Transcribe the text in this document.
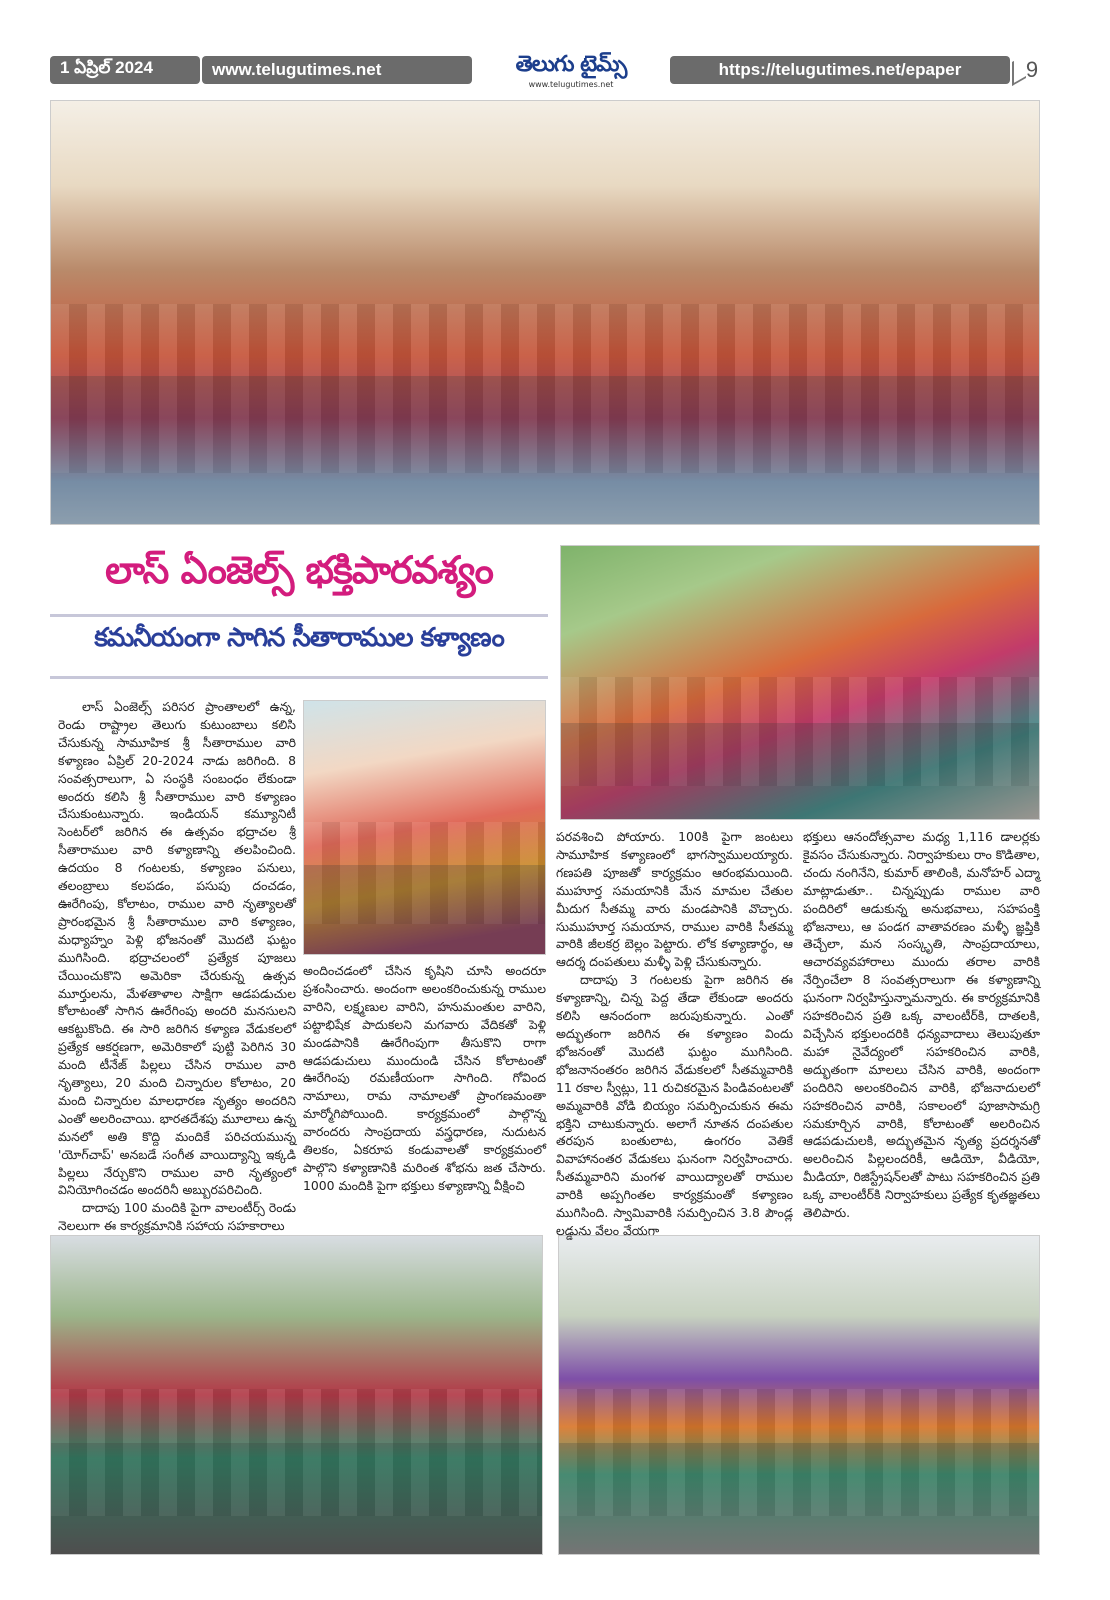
1 ఏప్రిల్ 2024	www.telugutimes.net	తెలుగు టైమ్స్
www.telugutimes.net
https://telugutimes.net/epaper	9
లాస్ ఏంజెల్స్ భక్తిపారవశ్యం
కమనీయంగా సాగిన సీతారాముల కళ్యాణం

లాస్ ఏంజెల్స్ పరిసర ప్రాంతాలలో ఉన్న, రెండు రాష్ట్రాల తెలుగు కుటుంబాలు కలిసి చేసుకున్న సామూహిక శ్రీ సీతారాముల వారి కళ్యాణం ఏప్రిల్ 20-2024 నాడు జరిగింది. 8 సంవత్సరాలుగా, ఏ సంస్థకి సంబంధం లేకుండా అందరు కలిసి శ్రీ సీతారాముల వారి కళ్యాణం చేసుకుంటున్నారు. ఇండియన్ కమ్యూనిటీ సెంటర్‌లో జరిగిన ఈ ఉత్సవం భద్రాచల శ్రీ సీతారాముల వారి కళ్యాణాన్ని తలపించింది. ఉదయం 8 గంటలకు, కళ్యాణం పనులు, తలంబ్రాలు కలపడం, పసుపు దంచడం, ఊరేగింపు, కోలాటం, రాముల వారి నృత్యాలతో ప్రారంభమైన శ్రీ సీతారాముల వారి కళ్యాణం, మధ్యాహ్నం పెళ్లి భోజనంతో మొదటి ఘట్టం ముగిసింది. భద్రాచలంలో ప్రత్యేక పూజలు చేయించుకొని అమెరికా చేరుకున్న ఉత్సవ మూర్తులను, మేళతాళాల సాక్షిగా ఆడపడుచుల కోలాటంతో సాగిన ఊరేగింపు అందరి మనసులని ఆకట్టుకొంది. ఈ సారి జరిగిన కళ్యాణ వేడుకలలో ప్రత్యేక ఆకర్షణగా, అమెరికాలో పుట్టి పెరిగిన 30 మంది టీనేజ్ పిల్లలు చేసిన రాముల వారి నృత్యాలు, 20 మంది చిన్నారుల కోలాటం, 20 మంది చిన్నారుల మాలధారణ నృత్యం అందరిని ఎంతో అలరించాయి. భారతదేశపు మూలాలు ఉన్న మనలో అతి కొద్ది మందికే పరిచయమున్న 'యోగ్‌చాప్' అనబడే సంగీత వాయిద్యాన్ని ఇక్కడి పిల్లలు నేర్చుకొని రాముల వారి నృత్యంలో వినియోగించడం అందరినీ అబ్బురపరిచింది.

దాదాపు 100 మందికి పైగా వాలంటీర్స్ రెండు నెలలుగా ఈ కార్యక్రమానికి సహాయ సహకారాలు

అందించడంలో చేసిన కృషిని చూసి అందరూ ప్రశంసించారు. అందంగా అలంకరించుకున్న రాముల వారిని, లక్ష్మణుల వారిని, హనుమంతుల వారిని, పట్టాభిషేక పాదుకలని మగవారు వేదికతో పెళ్లి మండపానికి ఊరేగింపుగా తీసుకొని రాగా ఆడపడుచులు ముందుండి చేసిన కోలాటంతో ఊరేగింపు రమణీయంగా సాగింది. గోవింద నామాలు, రామ నామాలతో ప్రాంగణమంతా మార్మోగిపోయింది. కార్యక్రమంలో పాల్గొన్న వారందరు సాంప్రదాయ వస్త్రధారణ, నుదుటన తిలకం, ఏకరూప కండువాలతో కార్యక్రమంలో పాల్గొని కళ్యాణానికి మరింత శోభను జత చేసారు. 1000 మందికి పైగా భక్తులు కళ్యాణాన్ని వీక్షించి

పరవశించి పోయారు. 100కి పైగా జంటలు సామూహిక కళ్యాణంలో భాగస్వాములయ్యారు. గణపతి పూజతో కార్యక్రమం ఆరంభమయింది. ముహూర్త సమయానికి మేన మామల చేతుల మీదుగ సీతమ్మ వారు మండపానికి వొచ్చారు. సుముహూర్త సమయాన, రాముల వారికి సీతమ్మ వారికి జీలకర్ర బెల్లం పెట్టారు. లోక కళ్యాణార్థం, ఆ ఆదర్శ దంపతులు మళ్ళీ పెళ్లి చేసుకున్నారు.

దాదాపు 3 గంటలకు పైగా జరిగిన ఈ కళ్యాణాన్ని, చిన్న పెద్ద తేడా లేకుండా అందరు కలిసి ఆనందంగా జరుపుకున్నారు. ఎంతో అద్భుతంగా జరిగిన ఈ కళ్యాణం విందు భోజనంతో మొదటి ఘట్టం ముగిసింది. భోజనానంతరం జరిగిన వేడుకలలో సీతమ్మవారికి 11 రకాల స్వీట్లు, 11 రుచికరమైన పిండివంటలతో అమ్మవారికి వోడి బియ్యం సమర్పించుకున ఈమ భక్తిని చాటుకున్నారు. అలాగే నూతన దంపతుల తరపున బంతులాట, ఉంగరం వెతికే వివాహానంతర వేడుకలు ఘనంగా నిర్వహించారు. సీతమ్మవారిని మంగళ వాయిద్యాలతో రాముల వారికి అప్పగింతల కార్యక్రమంతో కళ్యాణం ముగిసింది. స్వామివారికి సమర్పించిన 3.8 పౌండ్ల లడ్డును వేలం వేయగా

భక్తులు ఆనందోత్సవాల మధ్య 1,116 డాలర్లకు కైవసం చేసుకున్నారు. నిర్వాహకులు రాం కొడితాల, చందు నంగినేని, కుమార్ తాలింకి, మనోహర్ ఎద్మా మాట్లాడుతూ.. చిన్నప్పుడు రాముల వారి పందిరిలో ఆడుకున్న అనుభవాలు, సహపంక్తి భోజనాలు, ఆ పండగ వాతావరణం మళ్ళీ జ్ఞప్తికి తెచ్చేలా, మన సంస్కృతి, సాంప్రదాయాలు, ఆచారవ్యవహారాలు ముందు తరాల వారికి నేర్పించేలా 8 సంవత్సరాలుగా ఈ కళ్యాణాన్ని ఘనంగా నిర్వహిస్తున్నామన్నారు. ఈ కార్యక్రమానికి సహకరించిన ప్రతి ఒక్క వాలంటీర్‌కి, దాతలకి, విచ్చేసిన భక్తులందరికి ధన్యవాదాలు తెలుపుతూ మహా నైవేద్యంలో సహకరించిన వారికి, అద్భుతంగా మాలలు చేసిన వారికి, అందంగా పందిరిని అలంకరించిన వారికి, భోజనాదులలో సహకరించిన వారికి, సకాలంలో పూజాసామగ్రి సమకూర్చిన వారికి, కోలాటంతో అలరించిన ఆడపడుచులకి, అద్భుతమైన నృత్య ప్రదర్శనతో అలరించిన పిల్లలందరికీ, ఆడియో, వీడియో, మీడియా, రిజిస్ట్రేషన్‌లతో పాటు సహకరించిన ప్రతి ఒక్క వాలంటీర్‌కి నిర్వాహకులు ప్రత్యేక కృతజ్ఞతలు తెలిపారు.
